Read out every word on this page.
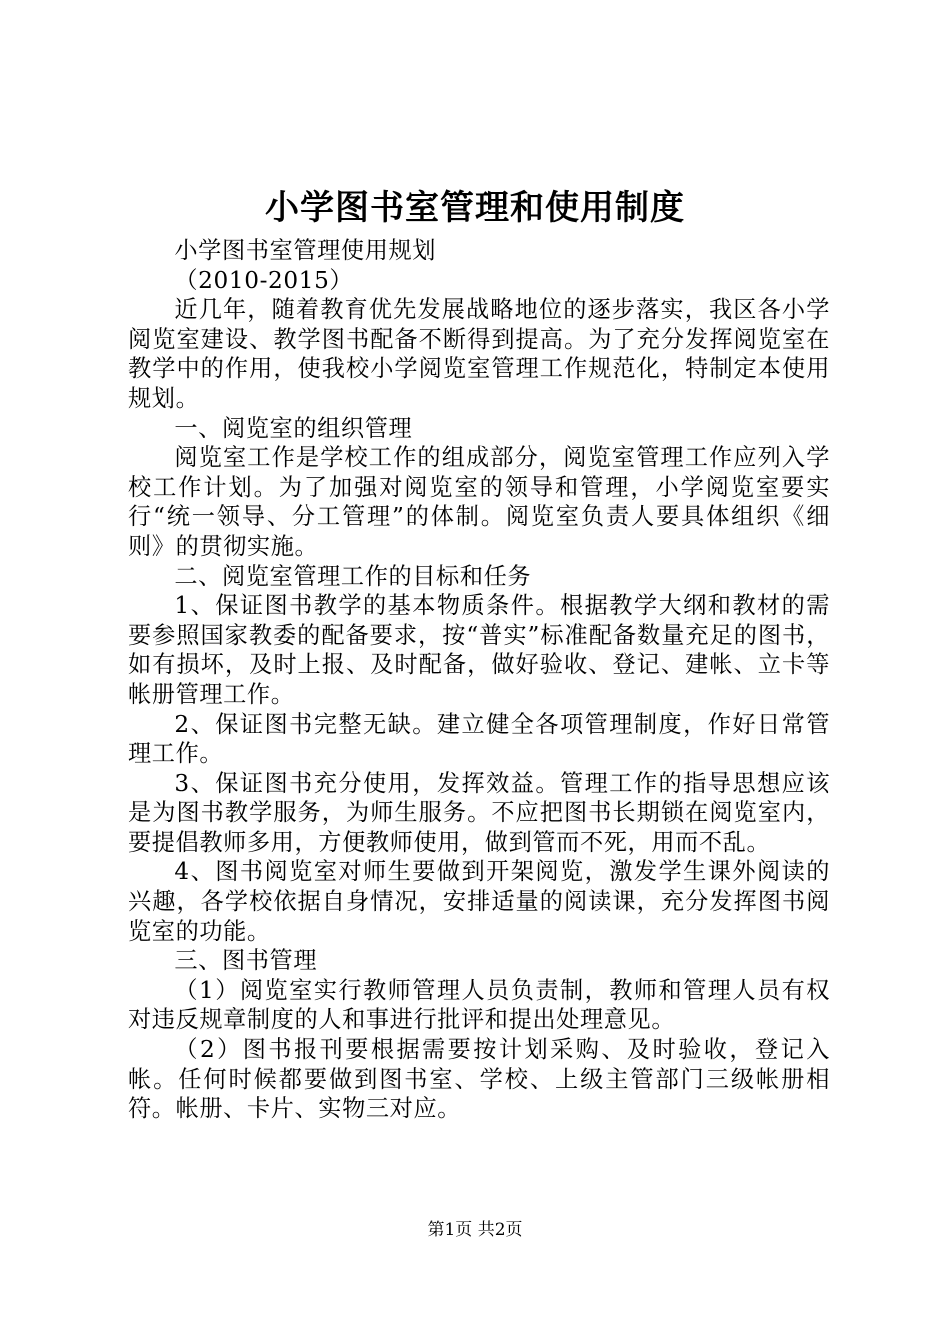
小学图书室管理和使用制度

小学图书室管理使用规划

（2010-2015）

近几年，随着教育优先发展战略地位的逐步落实，我区各小学阅览室建设、教学图书配备不断得到提高。为了充分发挥阅览室在教学中的作用，使我校小学阅览室管理工作规范化，特制定本使用规划。

一、阅览室的组织管理

阅览室工作是学校工作的组成部分，阅览室管理工作应列入学校工作计划。为了加强对阅览室的领导和管理，小学阅览室要实行“统一领导、分工管理”的体制。阅览室负责人要具体组织《细则》的贯彻实施。

二、阅览室管理工作的目标和任务

1、保证图书教学的基本物质条件。根据教学大纲和教材的需要参照国家教委的配备要求，按“普实”标准配备数量充足的图书，如有损坏，及时上报、及时配备，做好验收、登记、建帐、立卡等帐册管理工作。

2、保证图书完整无缺。建立健全各项管理制度，作好日常管理工作。

3、保证图书充分使用，发挥效益。管理工作的指导思想应该是为图书教学服务，为师生服务。不应把图书长期锁在阅览室内，要提倡教师多用，方便教师使用，做到管而不死，用而不乱。

4、图书阅览室对师生要做到开架阅览，激发学生课外阅读的兴趣，各学校依据自身情况，安排适量的阅读课，充分发挥图书阅览室的功能。

三、图书管理

（1）阅览室实行教师管理人员负责制，教师和管理人员有权对违反规章制度的人和事进行批评和提出处理意见。

（2）图书报刊要根据需要按计划采购、及时验收，登记入帐。任何时候都要做到图书室、学校、上级主管部门三级帐册相符。帐册、卡片、实物三对应。

第1页 共2页
